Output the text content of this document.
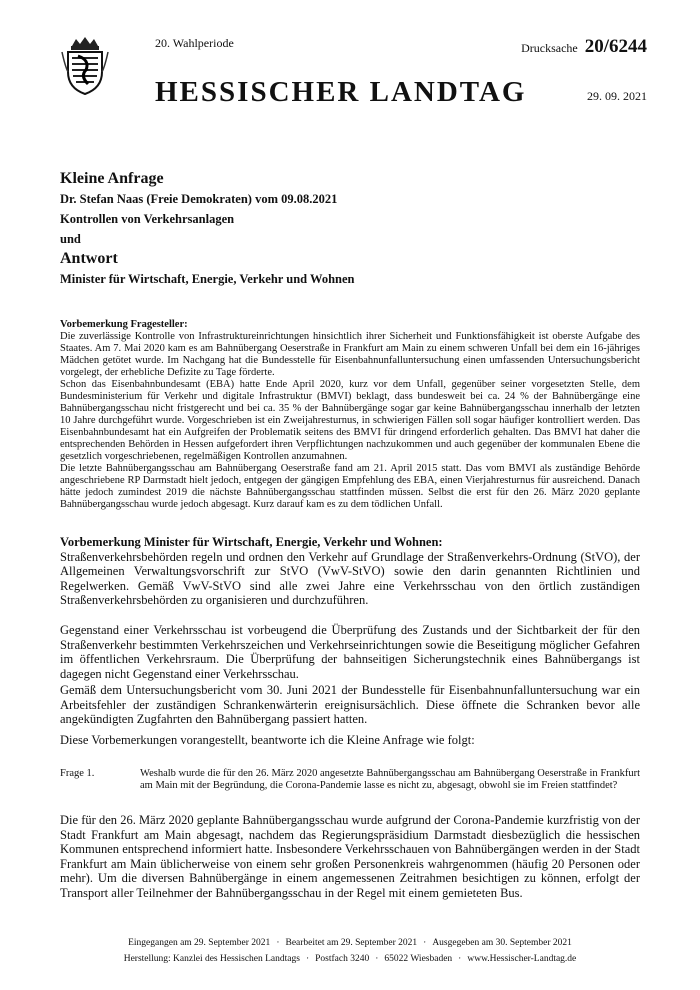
20. Wahlperiode	Drucksache 20/6244
HESSISCHER LANDTAG	29. 09. 2021
Kleine Anfrage
Dr. Stefan Naas (Freie Demokraten) vom 09.08.2021
Kontrollen von Verkehrsanlagen
und
Antwort
Minister für Wirtschaft, Energie, Verkehr und Wohnen

Vorbemerkung Fragesteller:

Die zuverlässige Kontrolle von Infrastruktureinrichtungen hinsichtlich ihrer Sicherheit und Funktionsfähigkeit ist oberste Aufgabe des Staates. Am 7. Mai 2020 kam es am Bahnübergang Oeserstraße in Frankfurt am Main zu einem schweren Unfall bei dem ein 16-jähriges Mädchen getötet wurde. Im Nachgang hat die Bundesstelle für Eisenbahnunfalluntersuchung einen umfassenden Untersuchungsbericht vorgelegt, der erhebliche Defizite zu Tage förderte.

Schon das Eisenbahnbundesamt (EBA) hatte Ende April 2020, kurz vor dem Unfall, gegenüber seiner vorgesetzten Stelle, dem Bundesministerium für Verkehr und digitale Infrastruktur (BMVI) beklagt, dass bundesweit bei ca. 24 % der Bahnübergänge eine Bahnübergangsschau nicht fristgerecht und bei ca. 35 % der Bahnübergänge sogar gar keine Bahnübergangsschau innerhalb der letzten 10 Jahre durchgeführt wurde. Vorgeschrieben ist ein Zweijahresturnus, in schwierigen Fällen soll sogar häufiger kontrolliert werden. Das Eisenbahnbundesamt hat ein Aufgreifen der Problematik seitens des BMVI für dringend erforderlich gehalten. Das BMVI hat daher die entsprechenden Behörden in Hessen aufgefordert ihren Verpflichtungen nachzukommen und auch gegenüber der kommunalen Ebene die gesetzlich vorgeschriebenen, regelmäßigen Kontrollen anzumahnen.

Die letzte Bahnübergangsschau am Bahnübergang Oeserstraße fand am 21. April 2015 statt. Das vom BMVI als zuständige Behörde angeschriebene RP Darmstadt hielt jedoch, entgegen der gängigen Empfehlung des EBA, einen Vierjahresturnus für ausreichend. Danach hätte jedoch zumindest 2019 die nächste Bahnübergangsschau stattfinden müssen. Selbst die erst für den 26. März 2020 geplante Bahnübergangsschau wurde jedoch abgesagt. Kurz darauf kam es zu dem tödlichen Unfall.

Vorbemerkung Minister für Wirtschaft, Energie, Verkehr und Wohnen:

Straßenverkehrsbehörden regeln und ordnen den Verkehr auf Grundlage der Straßenverkehrs-Ordnung (StVO), der Allgemeinen Verwaltungsvorschrift zur StVO (VwV-StVO) sowie den darin genannten Richtlinien und Regelwerken. Gemäß VwV-StVO sind alle zwei Jahre eine Verkehrsschau von den örtlich zuständigen Straßenverkehrsbehörden zu organisieren und durchzuführen.

Gegenstand einer Verkehrsschau ist vorbeugend die Überprüfung des Zustands und der Sichtbarkeit der für den Straßenverkehr bestimmten Verkehrszeichen und Verkehrseinrichtungen sowie die Beseitigung möglicher Gefahren im öffentlichen Verkehrsraum. Die Überprüfung der bahnseitigen Sicherungstechnik eines Bahnübergangs ist dagegen nicht Gegenstand einer Verkehrsschau.

Gemäß dem Untersuchungsbericht vom 30. Juni 2021 der Bundesstelle für Eisenbahnunfalluntersuchung war ein Arbeitsfehler der zuständigen Schrankenwärterin ereignisursächlich. Diese öffnete die Schranken bevor alle angekündigten Zugfahrten den Bahnübergang passiert hatten.

Diese Vorbemerkungen vorangestellt, beantworte ich die Kleine Anfrage wie folgt:

Frage 1.	Weshalb wurde die für den 26. März 2020 angesetzte Bahnübergangsschau am Bahnübergang Oeserstraße in Frankfurt am Main mit der Begründung, die Corona-Pandemie lasse es nicht zu, abgesagt, obwohl sie im Freien stattfindet?

Die für den 26. März 2020 geplante Bahnübergangsschau wurde aufgrund der Corona-Pandemie kurzfristig von der Stadt Frankfurt am Main abgesagt, nachdem das Regierungspräsidium Darmstadt diesbezüglich die hessischen Kommunen entsprechend informiert hatte. Insbesondere Verkehrsschauen von Bahnübergängen werden in der Stadt Frankfurt am Main üblicherweise von einem sehr großen Personenkreis wahrgenommen (häufig 20 Personen oder mehr). Um die diversen Bahnübergänge in einem angemessenen Zeitrahmen besichtigen zu können, erfolgt der Transport aller Teilnehmer der Bahnübergangsschau in der Regel mit einem gemieteten Bus.

Eingegangen am 29. September 2021 · Bearbeitet am 29. September 2021 · Ausgegeben am 30. September 2021
Herstellung: Kanzlei des Hessischen Landtags · Postfach 3240 · 65022 Wiesbaden · www.Hessischer-Landtag.de
